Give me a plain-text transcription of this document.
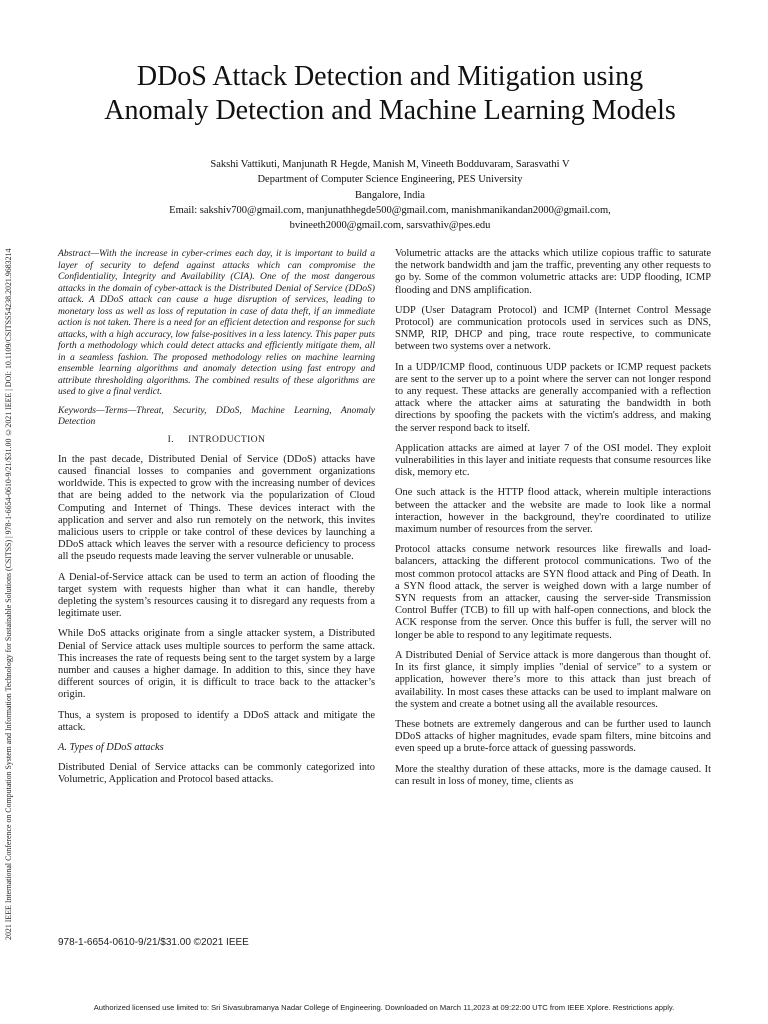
2021 IEEE International Conference on Computation System and Information Technology for Sustainable Solutions (CSITSS) | 978-1-6654-0610-9/21/$31.00 ©2021 IEEE | DOI: 10.1109/CSITSS54238.2021.9683214
DDoS Attack Detection and Mitigation using
Anomaly Detection and Machine Learning Models
Sakshi Vattikuti, Manjunath R Hegde, Manish M, Vineeth Bodduvaram, Sarasvathi V
Department of Computer Science Engineering, PES University
Bangalore, India
Email: sakshiv700@gmail.com, manjunathhegde500@gmail.com, manishmanikandan2000@gmail.com,
bvineeth2000@gmail.com, sarsvathiv@pes.edu

Abstract—With the increase in cyber-crimes each day, it is important to build a layer of security to defend against attacks which can compromise the Confidentiality, Integrity and Availability (CIA). One of the most dangerous attacks in the domain of cyber-attack is the Distributed Denial of Service (DDoS) attack. A DDoS attack can cause a huge disruption of services, leading to monetary loss as well as loss of reputation in case of data theft, if an immediate action is not taken. There is a need for an efficient detection and response for such attacks, with a high accuracy, low false-positives in a less latency. This paper puts forth a methodology which could detect attacks and efficiently mitigate them, all in a seamless fashion. The proposed methodology relies on machine learning ensemble learning algorithms and anomaly detection using fast entropy and attribute thresholding algorithms. The combined results of these algorithms are used to give a final verdict.

Keywords—Terms—Threat, Security, DDoS, Machine Learning, Anomaly Detection

I. INTRODUCTION

In the past decade, Distributed Denial of Service (DDoS) attacks have caused financial losses to companies and government organizations worldwide. This is expected to grow with the increasing number of devices that are being added to the network via the popularization of Cloud Computing and Internet of Things. These devices interact with the application and server and also run remotely on the network, this invites malicious users to cripple or take control of these devices by launching a DDoS attack which leaves the server with a resource deficiency to process all the pseudo requests made leaving the server vulnerable or unusable.

A Denial-of-Service attack can be used to term an action of flooding the target system with requests higher than what it can handle, thereby depleting the system’s resources causing it to disregard any requests from a legitimate user.

While DoS attacks originate from a single attacker system, a Distributed Denial of Service attack uses multiple sources to perform the same attack. This increases the rate of requests being sent to the target system by a large number and causes a higher damage. In addition to this, since they have different sources of origin, it is difficult to trace back to the attacker’s origin.

Thus, a system is proposed to identify a DDoS attack and mitigate the attack.

A. Types of DDoS attacks

Distributed Denial of Service attacks can be commonly categorized into Volumetric, Application and Protocol based attacks.

Volumetric attacks are the attacks which utilize copious traffic to saturate the network bandwidth and jam the traffic, preventing any other requests to go by. Some of the common volumetric attacks are: UDP flooding, ICMP flooding and DNS amplification.

UDP (User Datagram Protocol) and ICMP (Internet Control Message Protocol) are communication protocols used in services such as DNS, SNMP, RIP, DHCP and ping, trace route respective, to communicate between two systems over a network.

In a UDP/ICMP flood, continuous UDP packets or ICMP request packets are sent to the server up to a point where the server can not longer respond to any request. These attacks are generally accompanied with a reflection attack where the attacker aims at saturating the bandwidth in both directions by spoofing the packets with the victim's address, and making the server respond back to itself.

Application attacks are aimed at layer 7 of the OSI model. They exploit vulnerabilities in this layer and initiate requests that consume resources like disk, memory etc.

One such attack is the HTTP flood attack, wherein multiple interactions between the attacker and the website are made to look like a normal interaction, however in the background, they're coordinated to utilize maximum number of resources from the server.

Protocol attacks consume network resources like firewalls and load-balancers, attacking the different protocol communications. Two of the most common protocol attacks are SYN flood attack and Ping of Death. In a SYN flood attack, the server is weighed down with a large number of SYN requests from an attacker, causing the server-side Transmission Control Buffer (TCB) to fill up with half-open connections, and block the ACK response from the server. Once this buffer is full, the server will no longer be able to respond to any legitimate requests.

A Distributed Denial of Service attack is more dangerous than thought of. In its first glance, it simply implies "denial of service" to a system or application, however there’s more to this attack than just breach of availability. In most cases these attacks can be used to implant malware on the system and create a botnet using all the available resources.

These botnets are extremely dangerous and can be further used to launch DDoS attacks of higher magnitudes, evade spam filters, mine bitcoins and even speed up a brute-force attack of guessing passwords.

More the stealthy duration of these attacks, more is the damage caused. It can result in loss of money, time, clients as

978-1-6654-0610-9/21/$31.00 ©2021 IEEE
Authorized licensed use limited to: Sri Sivasubramanya Nadar College of Engineering. Downloaded on March 11,2023 at 09:22:00 UTC from IEEE Xplore. Restrictions apply.
